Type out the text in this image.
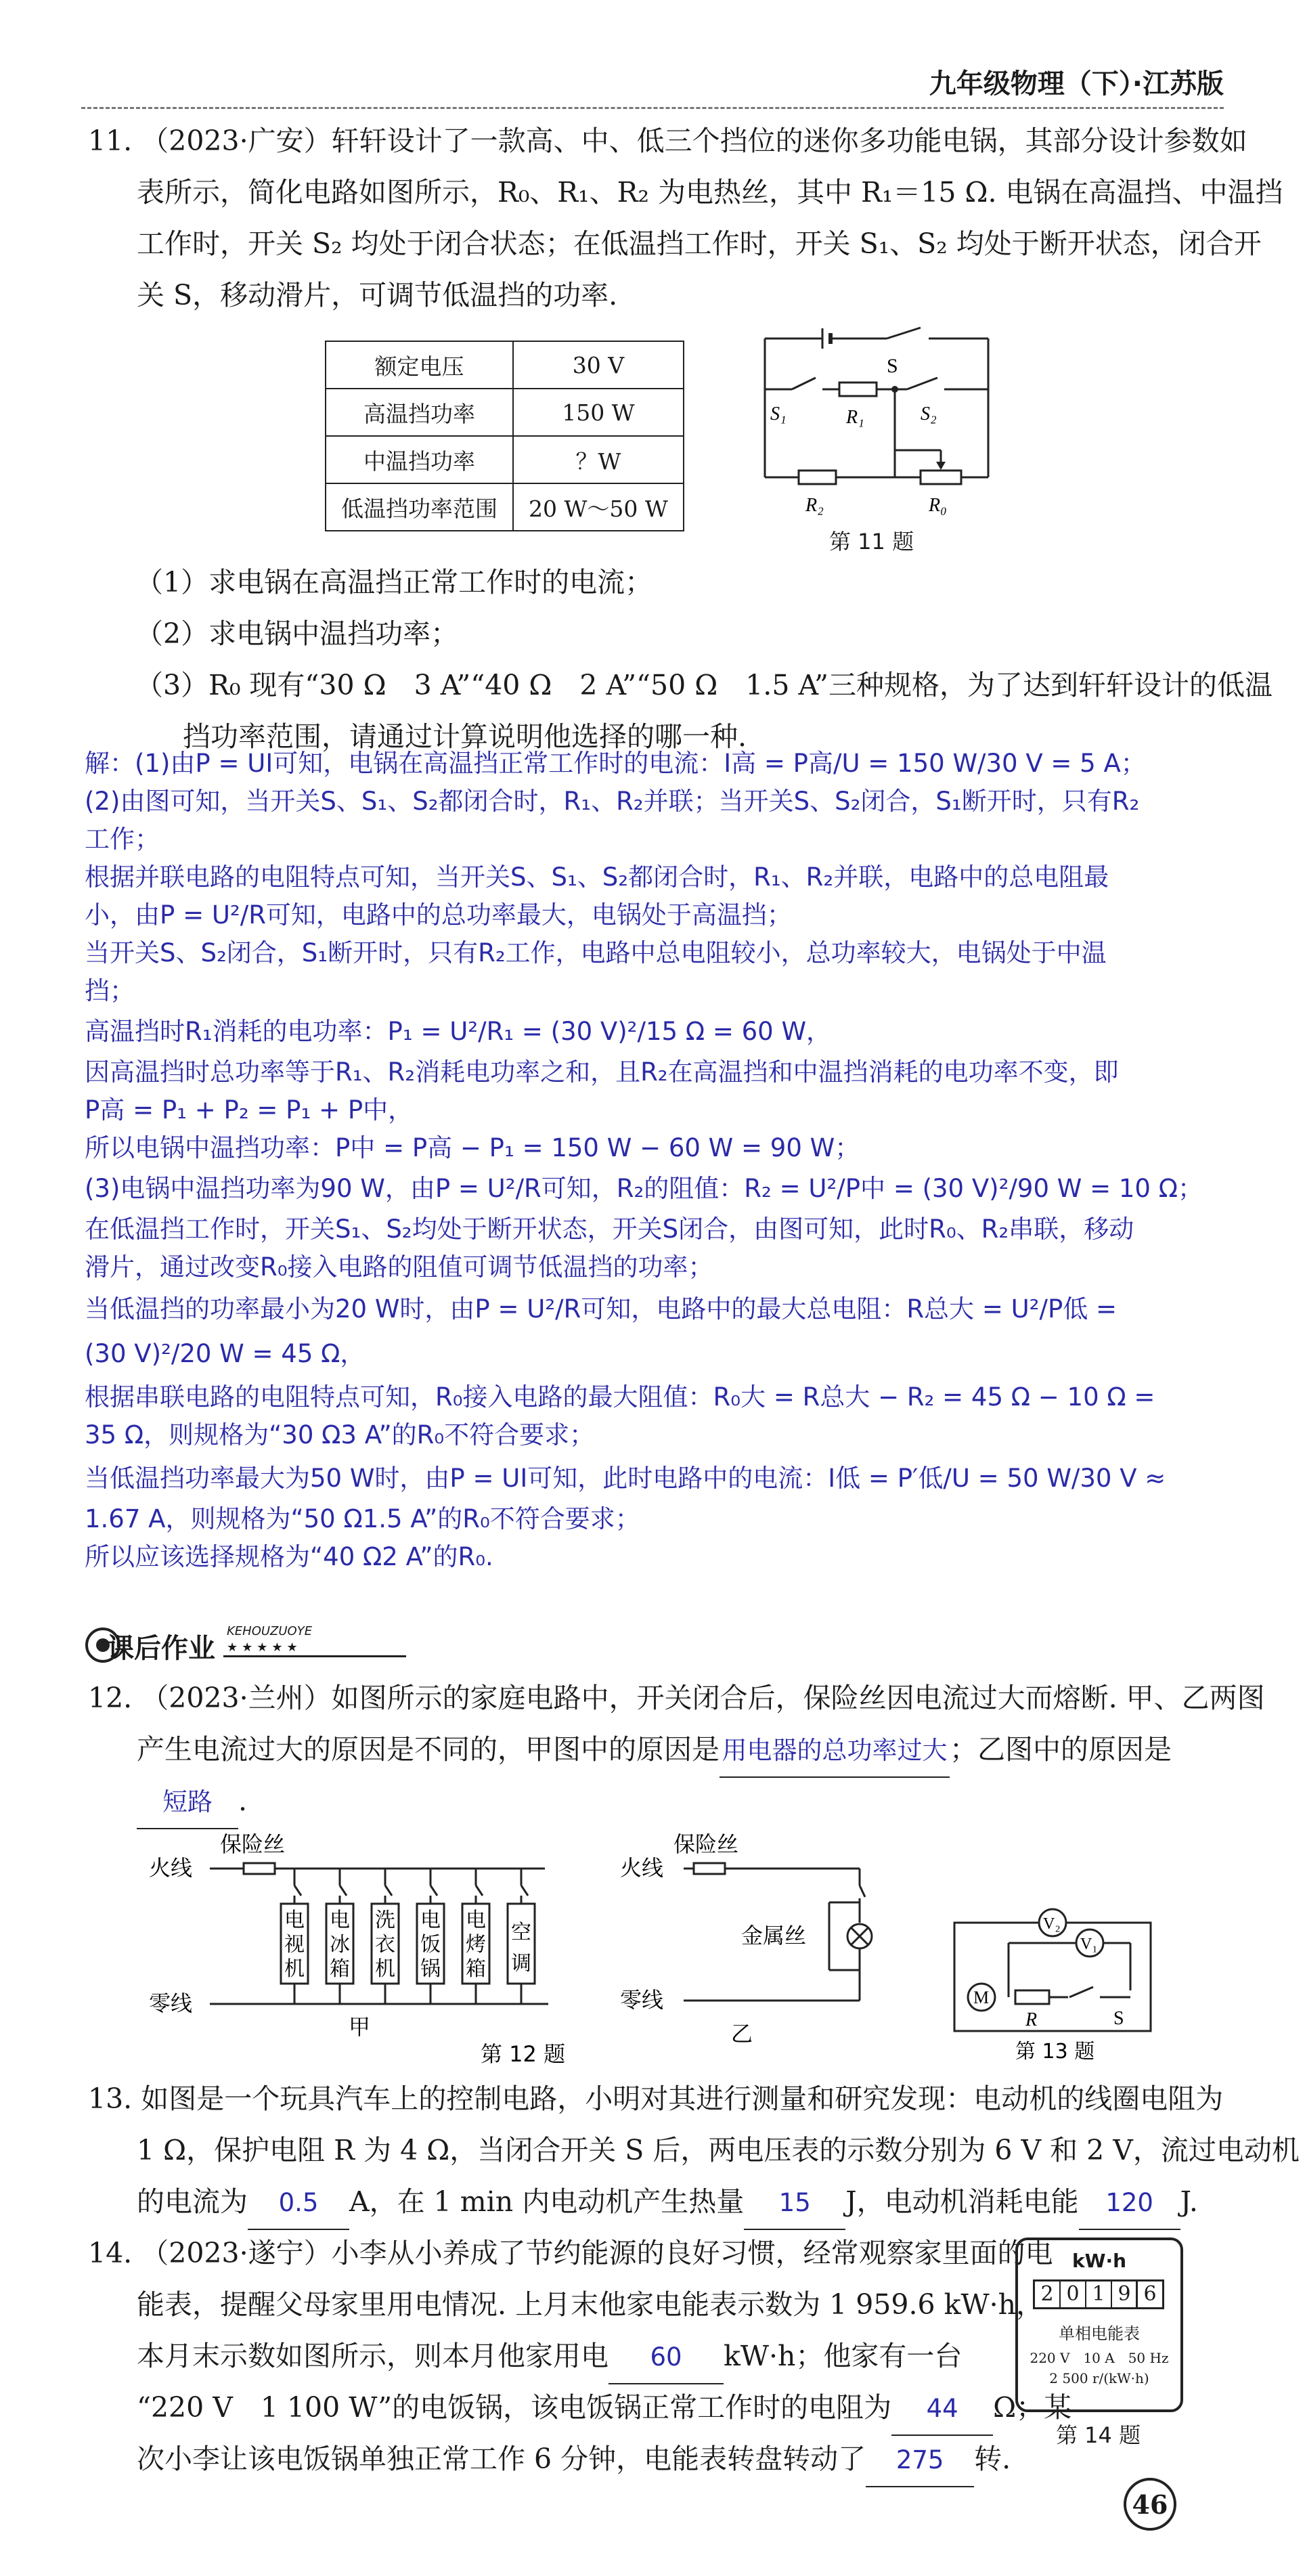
九年级物理（下）·江苏版
11. （2023·广安）轩轩设计了一款高、中、低三个挡位的迷你多功能电锅，其部分设计参数如
表所示，简化电路如图所示，R₀、R₁、R₂ 为电热丝，其中 R₁＝15 Ω. 电锅在高温挡、中温挡
工作时，开关 S₂ 均处于闭合状态；在低温挡工作时，开关 S₁、S₂ 均处于断开状态，闭合开
关 S，移动滑片，可调节低温挡的功率.
额定电压	30 V
高温挡功率	150 W
中温挡功率	？W
低温挡功率范围	20 W～50 W
S
S₁	R₁	S₂
R₂	R₀
第 11 题
（1）求电锅在高温挡正常工作时的电流；
（2）求电锅中温挡功率；
（3）R₀ 现有“30 Ω　3 A”“40 Ω　2 A”“50 Ω　1.5 A”三种规格，为了达到轩轩设计的低温
挡功率范围，请通过计算说明他选择的哪一种.
解：(1)由P = UI可知，电锅在高温挡正常工作时的电流：I高 = P高/U = 150 W/30 V = 5 A；
(2)由图可知，当开关S、S₁、S₂都闭合时，R₁、R₂并联；当开关S、S₂闭合，S₁断开时，只有R₂
工作；
根据并联电路的电阻特点可知，当开关S、S₁、S₂都闭合时，R₁、R₂并联，电路中的总电阻最
小，由P = U²/R可知，电路中的总功率最大，电锅处于高温挡；
当开关S、S₂闭合，S₁断开时，只有R₂工作，电路中总电阻较小，总功率较大，电锅处于中温
挡；
高温挡时R₁消耗的电功率：P₁ = U²/R₁ = (30 V)²/15 Ω = 60 W，
因高温挡时总功率等于R₁、R₂消耗电功率之和，且R₂在高温挡和中温挡消耗的电功率不变，即
P高 = P₁ + P₂ = P₁ + P中，
所以电锅中温挡功率：P中 = P高 − P₁ = 150 W − 60 W = 90 W；
(3)电锅中温挡功率为90 W，由P = U²/R可知，R₂的阻值：R₂ = U²/P中 = (30 V)²/90 W = 10 Ω；
在低温挡工作时，开关S₁、S₂均处于断开状态，开关S闭合，由图可知，此时R₀、R₂串联，移动
滑片，通过改变R₀接入电路的阻值可调节低温挡的功率；
当低温挡的功率最小为20 W时，由P = U²/R可知，电路中的最大总电阻：R总大 = U²/P低 =
(30 V)²/20 W = 45 Ω，
根据串联电路的电阻特点可知，R₀接入电路的最大阻值：R₀大 = R总大 − R₂ = 45 Ω − 10 Ω =
35 Ω，则规格为“30 Ω3 A”的R₀不符合要求；
当低温挡功率最大为50 W时，由P = UI可知，此时电路中的电流：I低 = P′低/U = 50 W/30 V ≈
1.67 A，则规格为“50 Ω1.5 A”的R₀不符合要求；
所以应该选择规格为“40 Ω2 A”的R₀.
课后作业
KEHOUZUOYE
★★★★★
12. （2023·兰州）如图所示的家庭电路中，开关闭合后，保险丝因电流过大而熔断. 甲、乙两图
产生电流过大的原因是不同的，甲图中的原因是用电器的总功率过大；乙图中的原因是
短路 .
火线
保险丝
零线
电视机
电冰箱
洗衣机
电饭锅
电烤箱
空调
甲
火线
保险丝
金属丝
零线
乙
第 12 题
V₂
V₁
M
R	S
第 13 题
13. 如图是一个玩具汽车上的控制电路，小明对其进行测量和研究发现：电动机的线圈电阻为
1 Ω，保护电阻 R 为 4 Ω，当闭合开关 S 后，两电压表的示数分别为 6 V 和 2 V，流过电动机
的电流为 0.5 A，在 1 min 内电动机产生热量 15 J，电动机消耗电能 120 J.
14. （2023·遂宁）小李从小养成了节约能源的良好习惯，经常观察家里面的电
能表，提醒父母家里用电情况. 上月末他家电能表示数为 1 959.6 kW·h，
本月末示数如图所示，则本月他家用电 60 kW·h；他家有一台
“220 V　1 100 W”的电饭锅，该电饭锅正常工作时的电阻为 44 Ω；某
次小李让该电饭锅单独正常工作 6 分钟，电能表转盘转动了 275 转.
kW·h
2 0 1 9 6
单相电能表
220 V　10 A　50 Hz
2 500 r/(kW·h)
第 14 题
46
